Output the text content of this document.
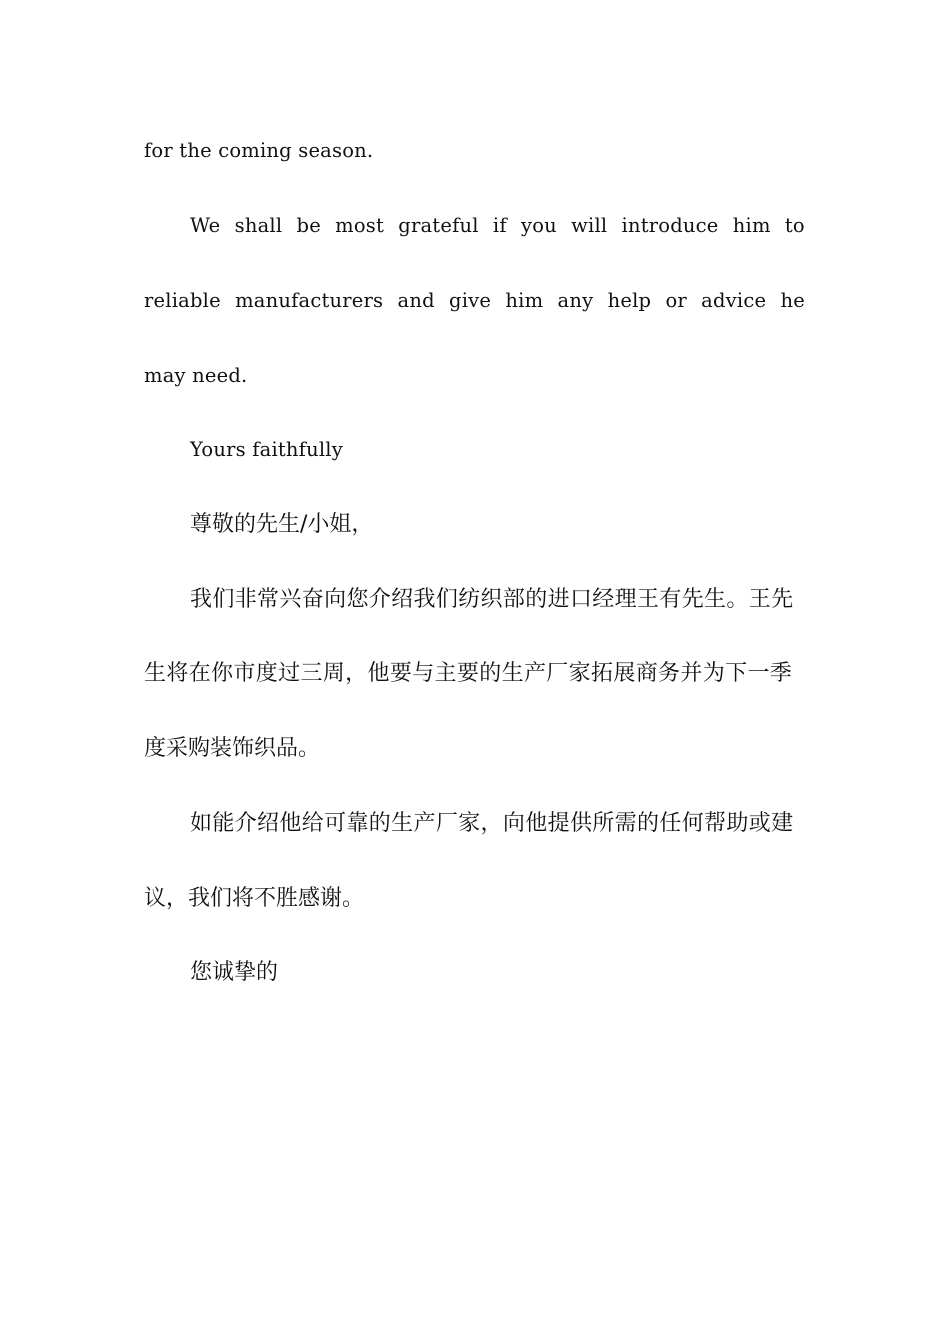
for the coming season.
We shall be most grateful if you will introduce him to
reliable manufacturers and give him any help or advice he
may need.
Yours faithfully
尊敬的先生/小姐，
我们非常兴奋向您介绍我们纺织部的进口经理王有先生。王先
生将在你市度过三周，他要与主要的生产厂家拓展商务并为下一季
度采购装饰织品。
如能介绍他给可靠的生产厂家，向他提供所需的任何帮助或建
议，我们将不胜感谢。
您诚挚的
